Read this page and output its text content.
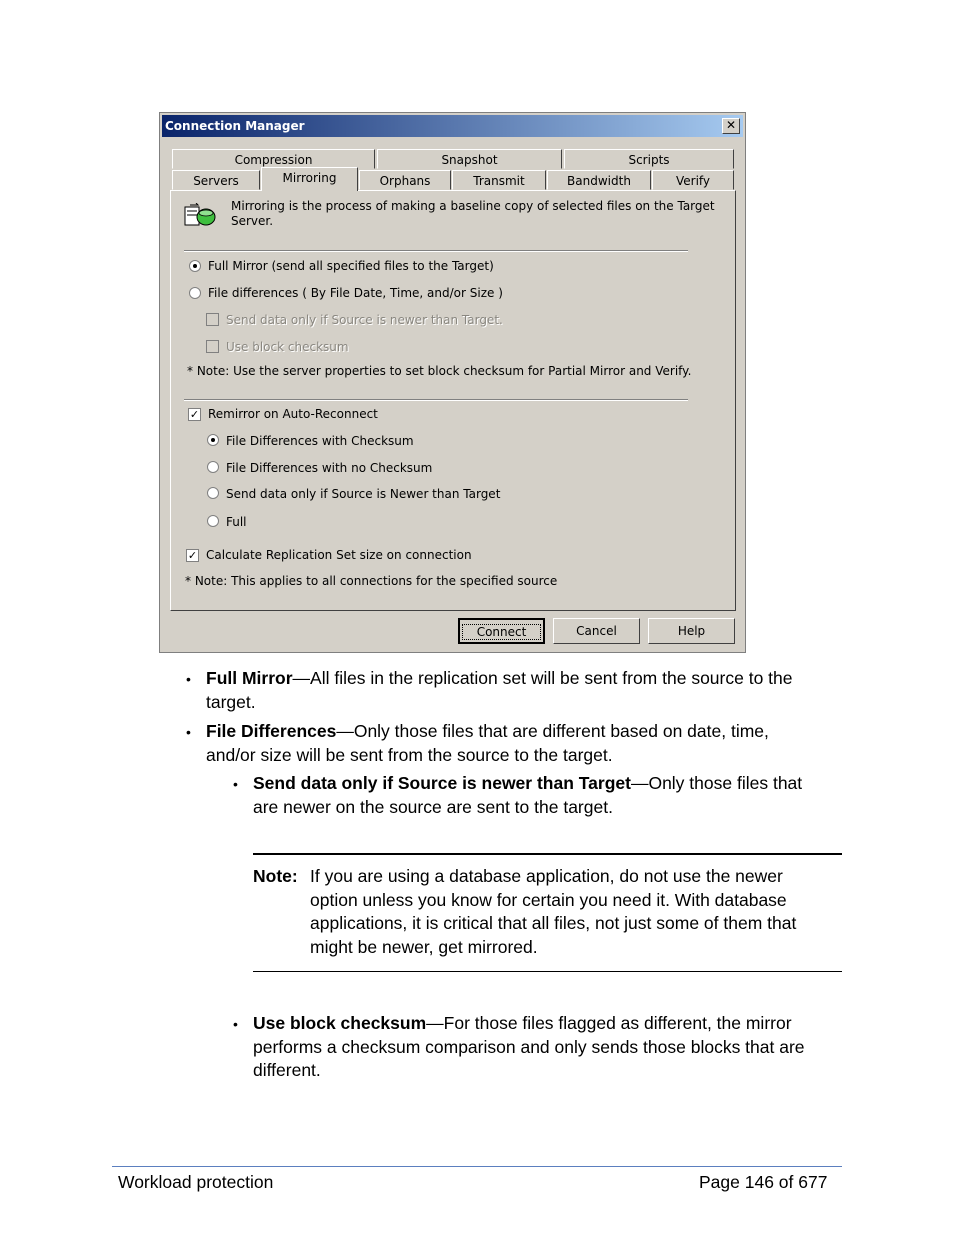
Connection Manager	✕
Compression	Snapshot	Scripts
Servers	Mirroring	Orphans	Transmit	Bandwidth	Verify
Mirroring is the process of making a baseline copy of selected files on the Target
Server.
Full Mirror (send all specified files to the Target)
File differences ( By File Date, Time, and/or Size )
Send data only if Source is newer than Target.
Use block checksum
* Note: Use the server properties to set block checksum for Partial Mirror and Verify.
✓ Remirror on Auto-Reconnect
File Differences with Checksum
File Differences with no Checksum
Send data only if Source is Newer than Target
Full
✓ Calculate Replication Set size on connection
* Note: This applies to all connections for the specified source
Connect	Cancel	Help
• Full Mirror—All files in the replication set will be sent from the source to the
target.
• File Differences—Only those files that are different based on date, time,
and/or size will be sent from the source to the target.
• Send data only if Source is newer than Target—Only those files that
are newer on the source are sent to the target.
Note: If you are using a database application, do not use the newer
option unless you know for certain you need it. With database
applications, it is critical that all files, not just some of them that
might be newer, get mirrored.
• Use block checksum—For those files flagged as different, the mirror
performs a checksum comparison and only sends those blocks that are
different.
Workload protection	Page 146 of 677
